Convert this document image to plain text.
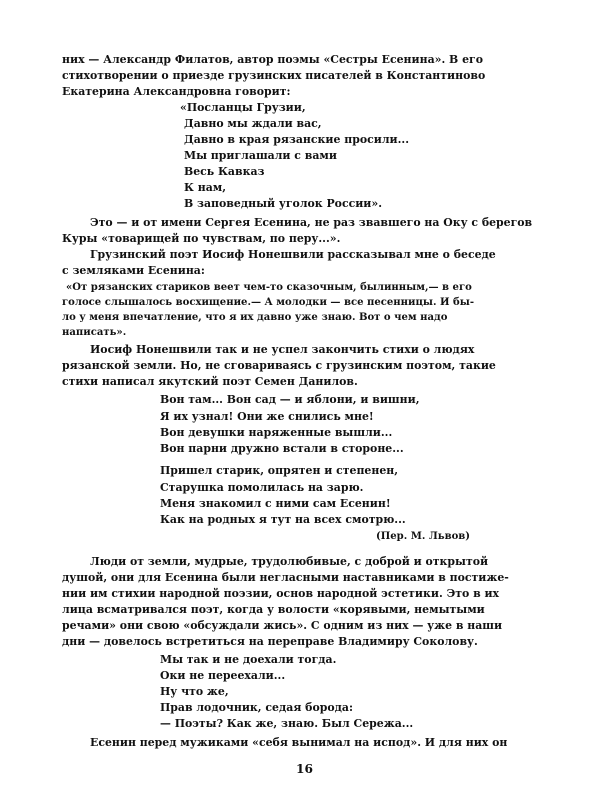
них — Александр Филатов, автор поэмы «Сестры Есенина». В его
стихотворении о приезде грузинских писателей в Константиново
Екатерина Александровна говорит:
«Посланцы Грузии,
Давно мы ждали вас,
Давно в края рязанские просили...
Мы приглашали с вами
Весь Кавказ
К нам,
В заповедный уголок России».
Это — и от имени Сергея Есенина, не раз звавшего на Оку с берегов
Куры «товарищей по чувствам, по перу...».
Грузинский поэт Иосиф Нонешвили рассказывал мне о беседе
с земляками Есенина:
«От рязанских стариков веет чем-то сказочным, былинным,— в его
голосе слышалось восхищение.— А молодки — все песенницы. И бы-
ло у меня впечатление, что я их давно уже знаю. Вот о чем надо
написать».
Иосиф Нонешвили так и не успел закончить стихи о людях
рязанской земли. Но, не сговариваясь с грузинским поэтом, такие
стихи написал якутский поэт Семен Данилов.
Вон там... Вон сад — и яблони, и вишни,
Я их узнал! Они же снились мне!
Вон девушки наряженные вышли...
Вон парни дружно встали в стороне...
Пришел старик, опрятен и степенен,
Старушка помолилась на зарю.
Меня знакомил с ними сам Есенин!
Как на родных я тут на всех смотрю...
(Пер. М. Львов)
Люди от земли, мудрые, трудолюбивые, с доброй и открытой
душой, они для Есенина были негласными наставниками в постиже-
нии им стихии народной поэзии, основ народной эстетики. Это в их
лица всматривался поэт, когда у волости «корявыми, немытыми
речами» они свою «обсуждали жись». С одним из них — уже в наши
дни — довелось встретиться на переправе Владимиру Соколову.
Мы так и не доехали тогда.
Оки не переехали...
Ну что же,
Прав лодочник, седая борода:
— Поэты? Как же, знаю. Был Сережа...
Есенин перед мужиками «себя вынимал на испод». И для них он
16
